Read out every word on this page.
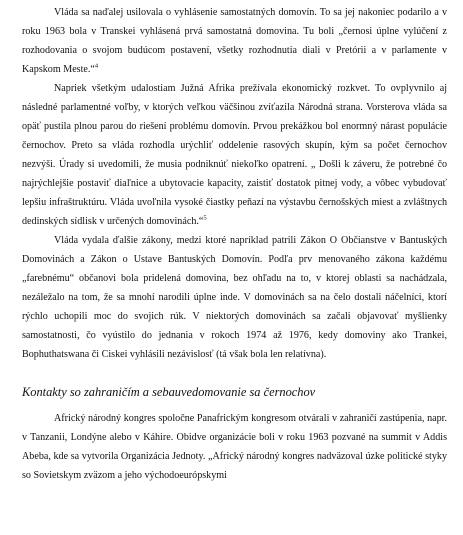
Vláda sa naďalej usilovala o vyhlásenie samostatných domovín. To sa jej nakoniec podarilo a v roku 1963 bola v Transkei vyhlásená prvá samostatná domovina. Tu boli „černosi úplne vylúčení z rozhodovania o svojom budúcom postavení, všetky rozhodnutia diali v Pretórii a v parlamente v Kapskom Meste.“$^4$

Napriek všetkým udalostiam Južná Afrika prežívala ekonomický rozkvet. To ovplyvnilo aj následné parlamentné voľby, v ktorých veľkou väčšinou zvíťazila Národná strana. Vorsterova vláda sa opäť pustila plnou parou do riešení problému domovín. Prvou prekážkou bol enormný nárast populácie černochov. Preto sa vláda rozhodla urýchliť oddelenie rasových skupín, kým sa počet černochov nezvýši. Úrady si uvedomili, že musia podniknúť niekoľko opatrení. „ Došli k záveru, že potrebné čo najrýchlejšie postaviť diaľnice a ubytovacie kapacity, zaistiť dostatok pitnej vody, a vôbec vybudovať lepšiu infraštruktúru. Vláda uvoľnila vysoké čiastky peňazí na výstavbu černošských miest a zvláštnych dedinských sídlisk v určených domovinách.“$^5$

Vláda vydala ďalšie zákony, medzi ktoré napríklad patrili Zákon O Občianstve v Bantuských Domovinách a Zákon o Ustave Bantuských Domovín. Podľa prv menovaného zákona každému „farebnému“ občanovi bola pridelená domovina, bez ohľadu na to, v ktorej oblasti sa nachádzala, nezáležalo na tom, že sa mnohí narodili úplne inde. V domovinách sa na čelo dostali náčelníci, ktorí rýchlo uchopili moc do svojich rúk. V niektorých domovinách sa začali objavovať myšlienky samostatnosti, čo vyústilo do jednania v rokoch 1974 až 1976, kedy domoviny ako Trankei, Bophuthatswana či Ciskei vyhlásili nezávislosť (tá však bola len relatívna).

Kontakty so zahraničím a sebauvedomovanie sa černochov

Africký národný kongres spoločne Panafrickým kongresom otvárali v zahraničí zastúpenia, napr. v Tanzanii, Londýne alebo v Káhire. Obidve organizácie boli v roku 1963 pozvané na summit v Addis Abeba, kde sa vytvorila Organizácia Jednoty. „Africký národný kongres nadväzoval úzke politické styky so Sovietskym zväzom a jeho východoeurópskymi
